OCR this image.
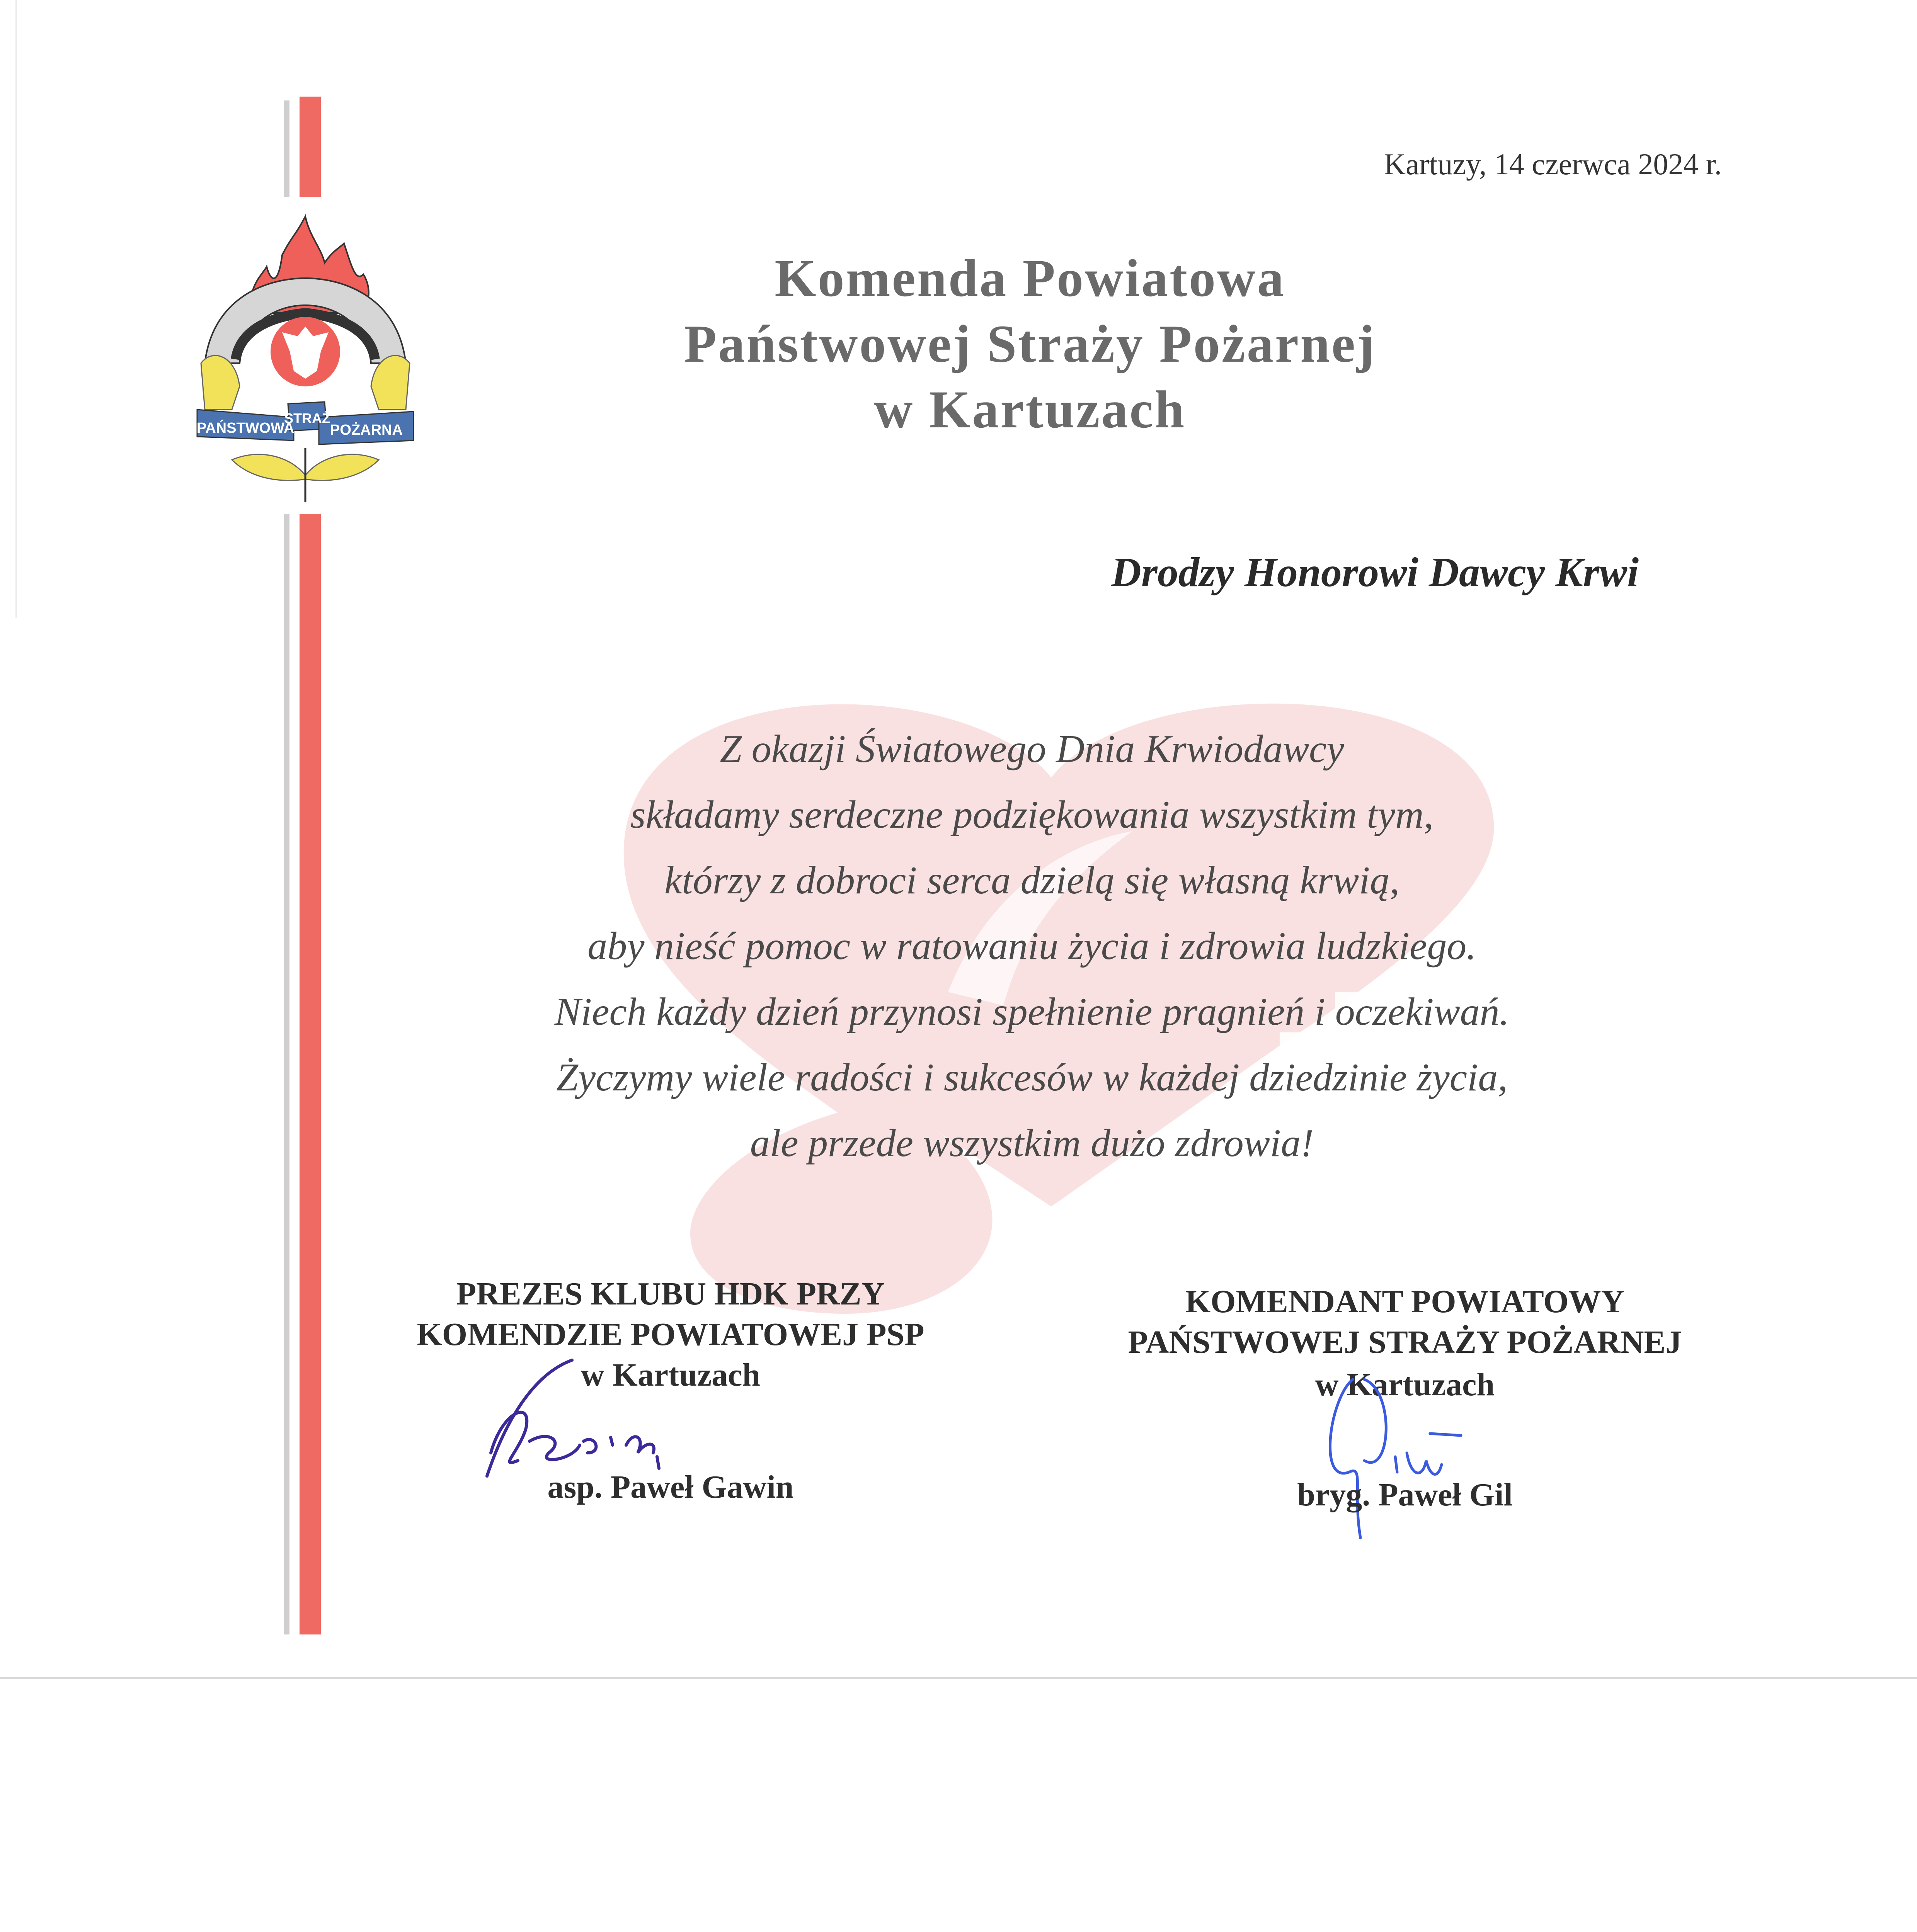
PAŃSTWOWA
STRAŻ
POŻARNA
Kartuzy, 14 czerwca 2024 r.
Komenda Powiatowa
Państwowej Straży Pożarnej
w Kartuzach
Drodzy Honorowi Dawcy Krwi
Z okazji Światowego Dnia Krwiodawcy
składamy serdeczne podziękowania wszystkim tym,
którzy z dobroci serca dzielą się własną krwią,
aby nieść pomoc w ratowaniu życia i zdrowia ludzkiego.
Niech każdy dzień przynosi spełnienie pragnień i oczekiwań.
Życzymy wiele radości i sukcesów w każdej dziedzinie życia,
ale przede wszystkim dużo zdrowia!
PREZES KLUBU HDK PRZY
KOMENDZIE POWIATOWEJ PSP
w Kartuzach
asp. Paweł Gawin
KOMENDANT POWIATOWY
PAŃSTWOWEJ STRAŻY POŻARNEJ
w Kartuzach
bryg. Paweł Gil
